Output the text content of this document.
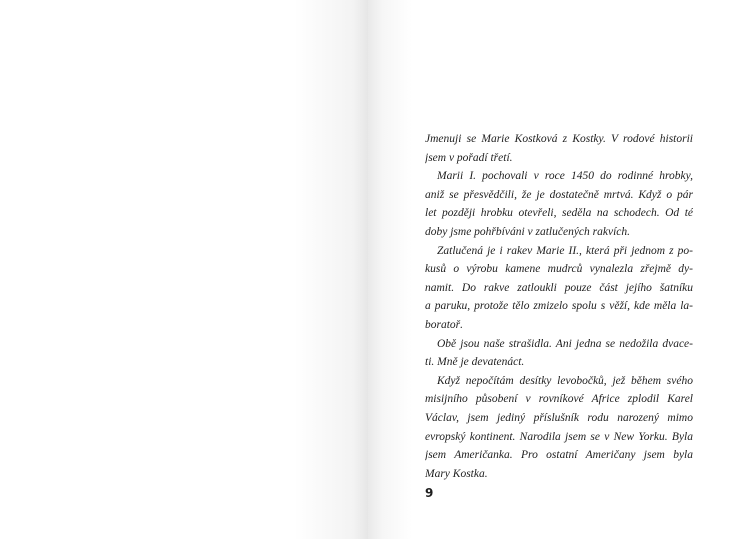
Jmenuji se Marie Kostková z Kostky. V rodové historii
jsem v pořadí třetí.
Marii I. pochovali v roce 1450 do rodinné hrobky,
aniž se přesvědčili, že je dostatečně mrtvá. Když o pár
let později hrobku otevřeli, seděla na schodech. Od té
doby jsme pohřbíváni v zatlučených rakvích.
Zatlučená je i rakev Marie II., která při jednom z po-
kusů o výrobu kamene mudrců vynalezla zřejmě dy-
namit. Do rakve zatloukli pouze část jejího šatníku
a paruku, protože tělo zmizelo spolu s věží, kde měla la-
boratoř.
Obě jsou naše strašidla. Ani jedna se nedožila dvace-
ti. Mně je devatenáct.
Když nepočítám desítky levobočků, jež během svého
misijního působení v rovníkové Africe zplodil Karel
Václav, jsem jediný příslušník rodu narozený mimo
evropský kontinent. Narodila jsem se v New Yorku. Byla
jsem Američanka. Pro ostatní Američany jsem byla
Mary Kostka.
9
